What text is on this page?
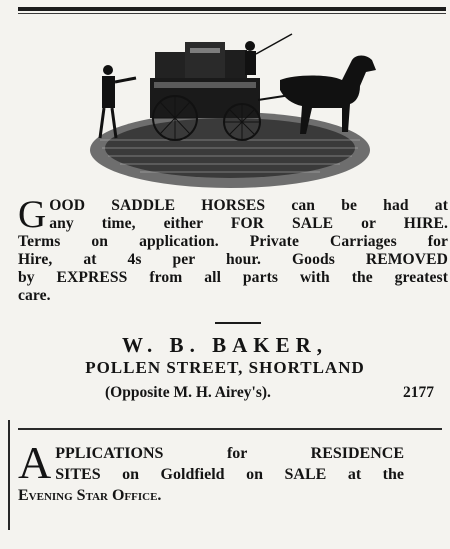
G OOD SADDLE HORSES can be had at
any time, either FOR SALE or HIRE.
Terms on application. Private Carriages for
Hire, at 4s per hour. Goods REMOVED
by EXPRESS from all parts with the greatest
care.
W. B. BAKER,
POLLEN STREET, SHORTLAND
(Opposite M. H. Airey's).	2177
A PPLICATIONS for RESIDENCE
SITES on Goldfield on SALE at the
Evening Star Office.
